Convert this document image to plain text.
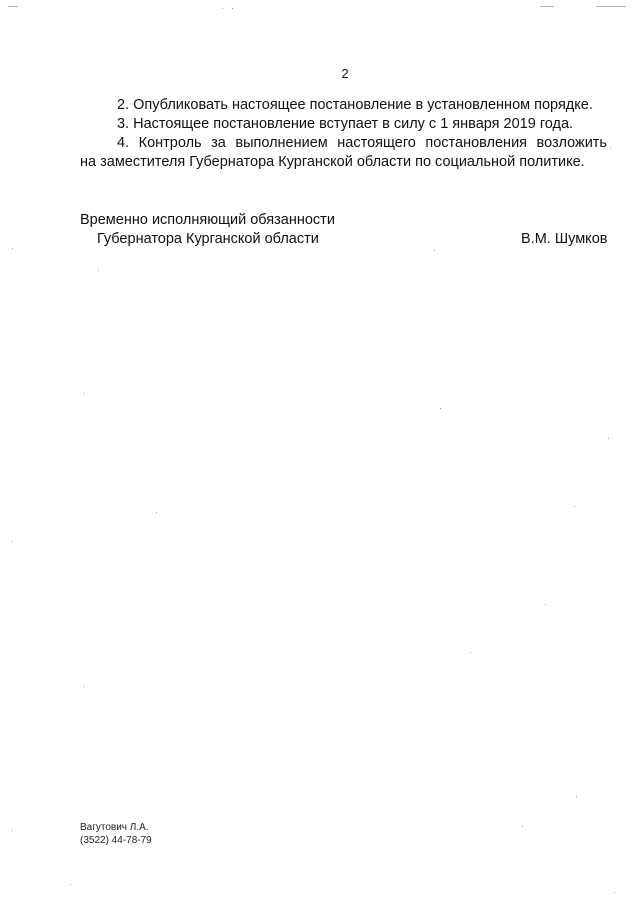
2
2. Опубликовать настоящее постановление в установленном порядке.
3. Настоящее постановление вступает в силу с 1 января 2019 года.
4. Контроль за выполнением настоящего постановления возложить
на заместителя Губернатора Курганской области по социальной политике.
Временно исполняющий обязанности
Губернатора Курганской области	В.М. Шумков
Вагутович Л.А.
(3522) 44-78-79
